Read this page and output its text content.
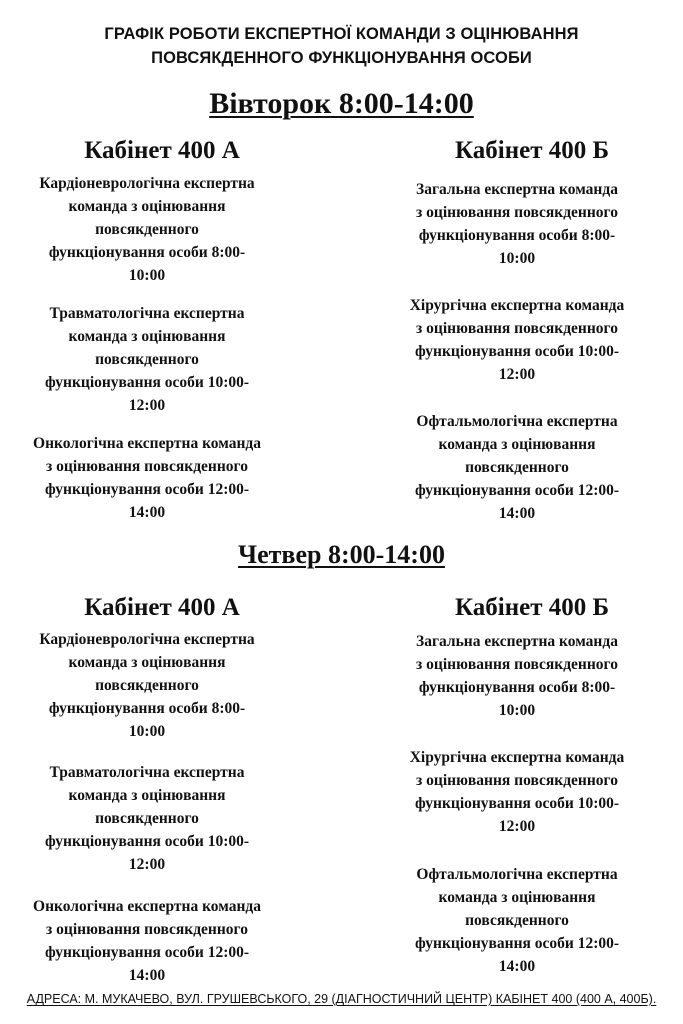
ГРАФІК РОБОТИ ЕКСПЕРТНОЇ КОМАНДИ З ОЦІНЮВАННЯ
ПОВСЯКДЕННОГО ФУНКЦІОНУВАННЯ ОСОБИ
Вівторок 8:00-14:00
Кабінет 400 А	Кабінет 400 Б
Кардіоневрологічна експертна
команда з оцінювання
повсякденного
функціонування особи 8:00-
10:00
Травматологічна експертна
команда з оцінювання
повсякденного
функціонування особи 10:00-
12:00
Онкологічна експертна команда
з оцінювання повсякденного
функціонування особи 12:00-
14:00
Загальна експертна команда
з оцінювання повсякденного
функціонування особи 8:00-
10:00
Хірургічна експертна команда
з оцінювання повсякденного
функціонування особи 10:00-
12:00
Офтальмологічна експертна
команда з оцінювання
повсякденного
функціонування особи 12:00-
14:00
Четвер 8:00-14:00
Кабінет 400 А	Кабінет 400 Б
Кардіоневрологічна експертна
команда з оцінювання
повсякденного
функціонування особи 8:00-
10:00
Травматологічна експертна
команда з оцінювання
повсякденного
функціонування особи 10:00-
12:00
Онкологічна експертна команда
з оцінювання повсякденного
функціонування особи 12:00-
14:00
Загальна експертна команда
з оцінювання повсякденного
функціонування особи 8:00-
10:00
Хірургічна експертна команда
з оцінювання повсякденного
функціонування особи 10:00-
12:00
Офтальмологічна експертна
команда з оцінювання
повсякденного
функціонування особи 12:00-
14:00
АДРЕСА: М. МУКАЧЕВО, ВУЛ. ГРУШЕВСЬКОГО, 29 (ДІАГНОСТИЧНИЙ ЦЕНТР) КАБІНЕТ 400 (400 А, 400Б).
